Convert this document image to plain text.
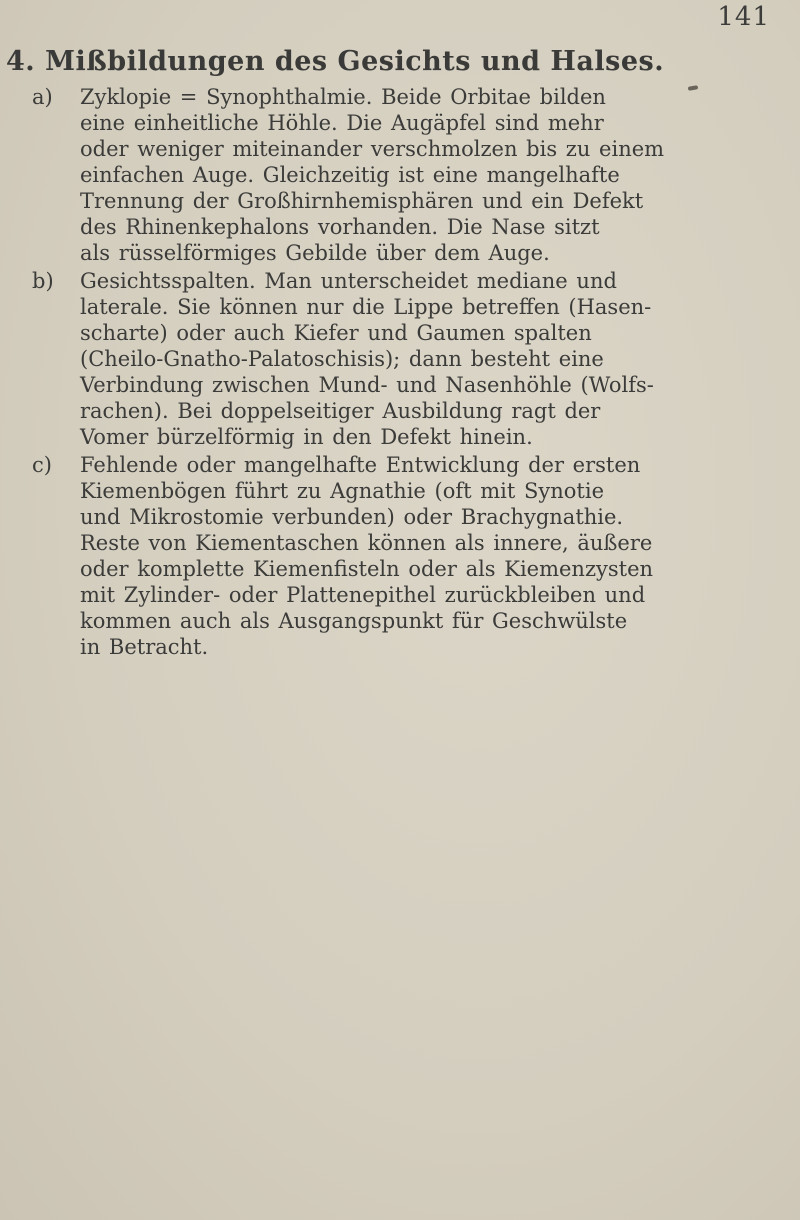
141
4. Mißbildungen des Gesichts und Halses.
a)	Zyklopie = Synophthalmie. Beide Orbitae bilden
eine einheitliche Höhle. Die Augäpfel sind mehr
oder weniger miteinander verschmolzen bis zu einem
einfachen Auge. Gleichzeitig ist eine mangelhafte
Trennung der Großhirnhemisphären und ein Defekt
des Rhinenkephalons vorhanden. Die Nase sitzt
als rüsselförmiges Gebilde über dem Auge.
b)	Gesichtsspalten. Man unterscheidet mediane und
laterale. Sie können nur die Lippe betreffen (Hasen-
scharte) oder auch Kiefer und Gaumen spalten
(Cheilo-Gnatho-Palatoschisis); dann besteht eine
Verbindung zwischen Mund- und Nasenhöhle (Wolfs-
rachen). Bei doppelseitiger Ausbildung ragt der
Vomer bürzelförmig in den Defekt hinein.
c)	Fehlende oder mangelhafte Entwicklung der ersten
Kiemenbögen führt zu Agnathie (oft mit Synotie
und Mikrostomie verbunden) oder Brachygnathie.
Reste von Kiementaschen können als innere, äußere
oder komplette Kiemenfisteln oder als Kiemenzysten
mit Zylinder- oder Plattenepithel zurückbleiben und
kommen auch als Ausgangspunkt für Geschwülste
in Betracht.
